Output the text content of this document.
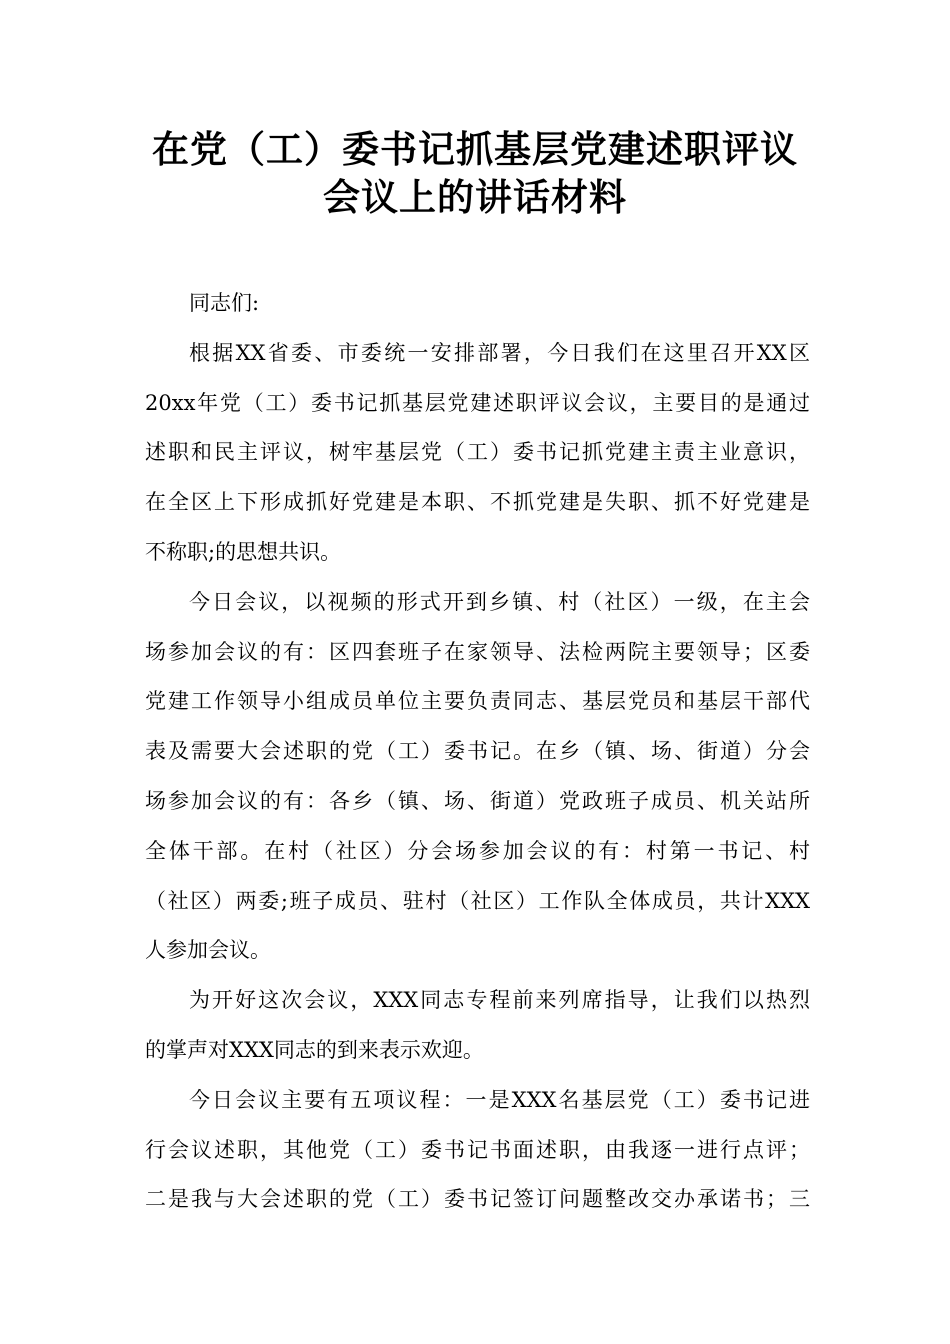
在党（工）委书记抓基层党建述职评议
会议上的讲话材料
同志们:
根据XX省委、市委统一安排部署，今日我们在这里召开XX区
20xx年党（工）委书记抓基层党建述职评议会议，主要目的是通过
述职和民主评议，树牢基层党（工）委书记抓党建主责主业意识，
在全区上下形成抓好党建是本职、不抓党建是失职、抓不好党建是
不称职;的思想共识。
今日会议，以视频的形式开到乡镇、村（社区）一级，在主会
场参加会议的有：区四套班子在家领导、法检两院主要领导；区委
党建工作领导小组成员单位主要负责同志、基层党员和基层干部代
表及需要大会述职的党（工）委书记。在乡（镇、场、街道）分会
场参加会议的有：各乡（镇、场、街道）党政班子成员、机关站所
全体干部。在村（社区）分会场参加会议的有：村第一书记、村
（社区）两委;班子成员、驻村（社区）工作队全体成员，共计XXX
人参加会议。
为开好这次会议，XXX同志专程前来列席指导，让我们以热烈
的掌声对XXX同志的到来表示欢迎。
今日会议主要有五项议程：一是XXX名基层党（工）委书记进
行会议述职，其他党（工）委书记书面述职，由我逐一进行点评；
二是我与大会述职的党（工）委书记签订问题整改交办承诺书；三
